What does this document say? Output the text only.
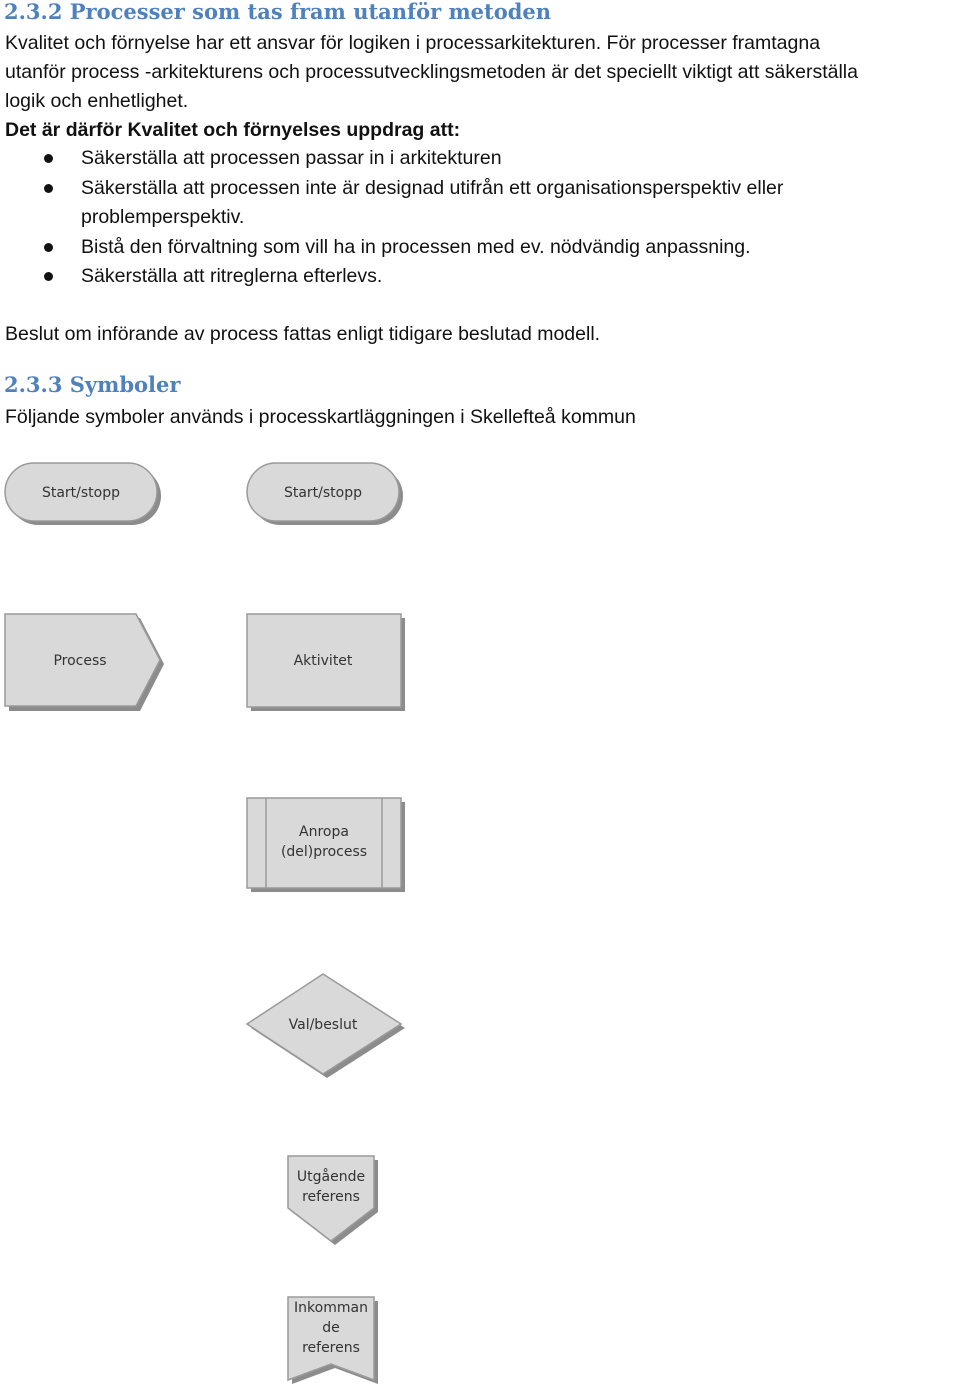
2.3.2 Processer som tas fram utanför metoden

Kvalitet och förnyelse har ett ansvar för logiken i processarkitekturen. För processer framtagna

utanför process -arkitekturens och processutvecklingsmetoden är det speciellt viktigt att säkerställa

logik och enhetlighet.

Det är därför Kvalitet och förnyelses uppdrag att:

Säkerställa att processen passar in i arkitekturen
Säkerställa att processen inte är designad utifrån ett organisationsperspektiv eller
problemperspektiv.
Bistå den förvaltning som vill ha in processen med ev. nödvändig anpassning.
Säkerställa att ritreglerna efterlevs.

Beslut om införande av process fattas enligt tidigare beslutad modell.

2.3.3 Symboler

Följande symboler används i processkartläggningen i Skellefteå kommun

Start/stopp	Start/stopp
Process	Aktivitet
Anropa
(del)process
Val/beslut
Utgående
referens
Inkomman
de
referens
